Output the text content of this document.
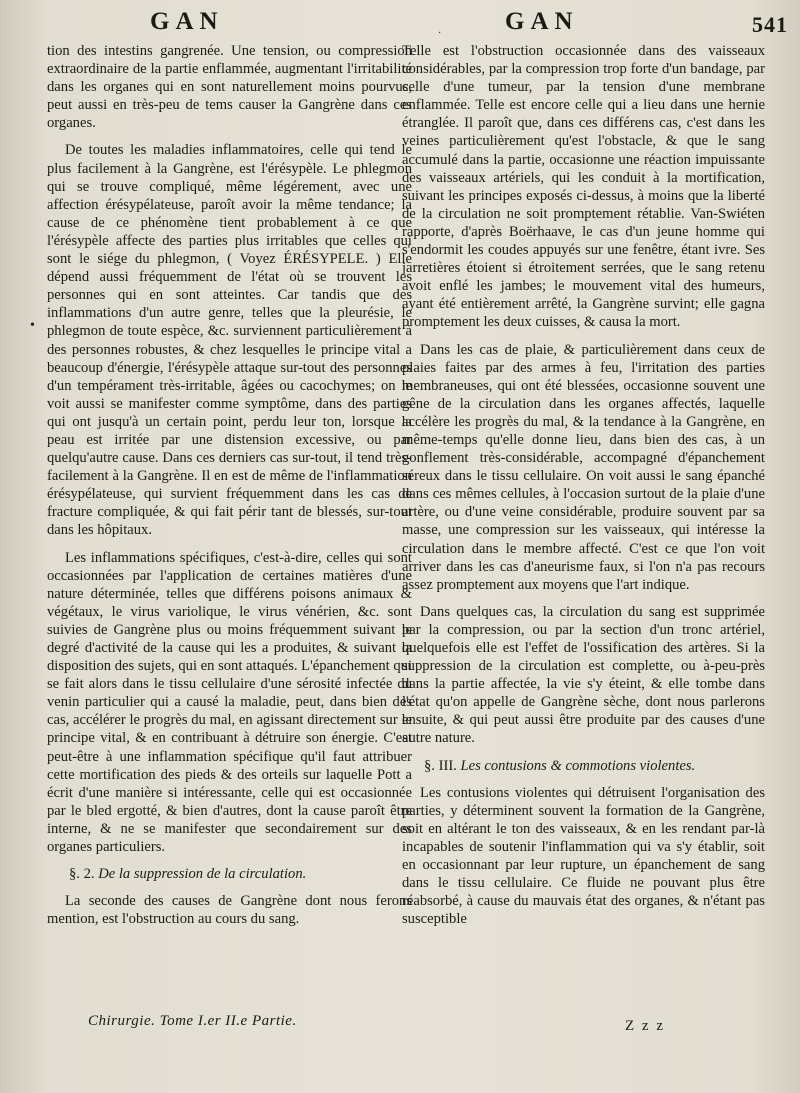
·
GAN	GAN	541
•

tion des intestins gangrenée. Une tension, ou compression extraordinaire de la partie enflammée, augmentant l'irritabilité dans les organes qui en sont naturellement moins pourvus, peut aussi en très-peu de tems causer la Gangrène dans ces organes.

De toutes les maladies inflammatoires, celle qui tend le plus facilement à la Gangrène, est l'érésypèle. Le phlegmon qui se trouve compliqué, même légérement, avec une affection érésypélateuse, paroît avoir la même tendance; la cause de ce phénomène tient probablement à ce que l'érésypèle affecte des parties plus irritables que celles qui sont le siége du phlegmon, ( Voyez ÉRÉSYPELE. ) Elle dépend aussi fréquemment de l'état où se trouvent les personnes qui en sont atteintes. Car tandis que des inflammations d'un autre genre, telles que la pleurésie, le phlegmon de toute espèce, &c. surviennent particulièrement à des personnes robustes, & chez lesquelles le principe vital a beaucoup d'énergie, l'érésypèle attaque sur-tout des personnes d'un tempérament très-irritable, âgées ou cacochymes; on le voit aussi se manifester comme symptôme, dans des parties qui ont jusqu'à un certain point, perdu leur ton, lorsque la peau est irritée par une distension excessive, ou par quelqu'autre cause. Dans ces derniers cas sur-tout, il tend très-facilement à la Gangrène. Il en est de même de l'inflammation érésypélateuse, qui survient fréquemment dans les cas de fracture compliquée, & qui fait périr tant de blessés, sur-tout dans les hôpitaux.

Les inflammations spécifiques, c'est-à-dire, celles qui sont occasionnées par l'application de certaines matières d'une nature déterminée, telles que différens poisons animaux & végétaux, le virus variolique, le virus vénérien, &c. sont suivies de Gangrène plus ou moins fréquemment suivant le degré d'activité de la cause qui les a produites, & suivant la disposition des sujets, qui en sont attaqués. L'épanchement qui se fait alors dans le tissu cellulaire d'une sérosité infectée du venin particulier qui a causé la maladie, peut, dans bien des cas, accélérer le progrès du mal, en agissant directement sur le principe vital, & en contribuant à détruire son énergie. C'est peut-être à une inflammation spécifique qu'il faut attribuer cette mortification des pieds & des orteils sur laquelle Pott a écrit d'une manière si intéressante, celle qui est occasionnée par le bled ergotté, & bien d'autres, dont la cause paroît être interne, & ne se manifester que secondairement sur des organes particuliers.

§. 2. De la suppression de la circulation.

La seconde des causes de Gangrène dont nous ferons mention, est l'obstruction au cours du sang.

Telle est l'obstruction occasionnée dans des vaisseaux considérables, par la compression trop forte d'un bandage, par celle d'une tumeur, par la tension d'une membrane enflammée. Telle est encore celle qui a lieu dans une hernie étranglée. Il paroît que, dans ces différens cas, c'est dans les veines particulièrement qu'est l'obstacle, & que le sang accumulé dans la partie, occasionne une réaction impuissante des vaisseaux artériels, qui les conduit à la mortification, suivant les principes exposés ci-dessus, à moins que la liberté de la circulation ne soit promptement rétablie. Van-Swiéten rapporte, d'après Boërhaave, le cas d'un jeune homme qui s'endormit les coudes appuyés sur une fenêtre, étant ivre. Ses jarretières étoient si étroitement serrées, que le sang retenu avoit enflé les jambes; le mouvement vital des humeurs, ayant été entièrement arrêté, la Gangrène survint; elle gagna promptement les deux cuisses, & causa la mort.

Dans les cas de plaie, & particulièrement dans ceux de plaies faites par des armes à feu, l'irritation des parties membraneuses, qui ont été blessées, occasionne souvent une gêne de la circulation dans les organes affectés, laquelle accélère les progrès du mal, & la tendance à la Gangrène, en même-temps qu'elle donne lieu, dans bien des cas, à un gonflement très-considérable, accompagné d'épanchement séreux dans le tissu cellulaire. On voit aussi le sang épanché dans ces mêmes cellules, à l'occasion surtout de la plaie d'une artère, ou d'une veine considérable, produire souvent par sa masse, une compression sur les vaisseaux, qui intéresse la circulation dans le membre affecté. C'est ce que l'on voit arriver dans les cas d'aneurisme faux, si l'on n'a pas recours assez promptement aux moyens que l'art indique.

Dans quelques cas, la circulation du sang est supprimée par la compression, ou par la section d'un tronc artériel, quelquefois elle est l'effet de l'ossification des artères. Si la suppression de la circulation est complette, ou à-peu-près dans la partie affectée, la vie s'y éteint, & elle tombe dans l'état qu'on appelle de Gangrène sèche, dont nous parlerons ensuite, & qui peut aussi être produite par des causes d'une autre nature.

§. III. Les contusions & commotions violentes.

Les contusions violentes qui détruisent l'organisation des parties, y déterminent souvent la formation de la Gangrène, soit en altérant le ton des vaisseaux, & en les rendant par-là incapables de soutenir l'inflammation qui va s'y établir, soit en occasionnant par leur rupture, un épanchement de sang dans le tissu cellulaire. Ce fluide ne pouvant plus être réabsorbé, à cause du mauvais état des organes, & n'étant pas susceptible

Chirurgie. Tome I.er II.e Partie.	Z z z
